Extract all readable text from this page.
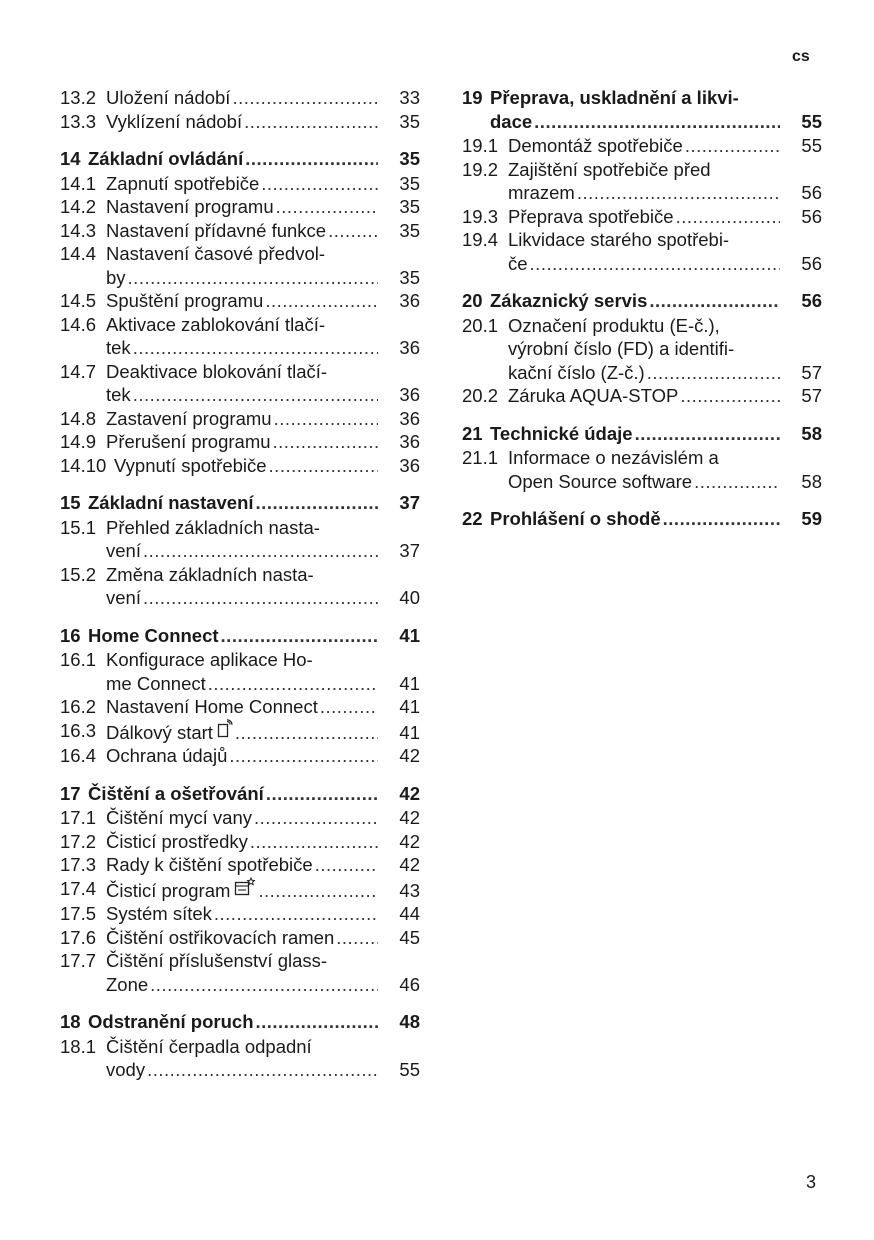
cs
13.2 Uložení nádobí .....	33
13.3 Vyklízení nádobí .....	35
14 Základní ovládání .....	35
14.1 Zapnutí spotřebiče .....	35
14.2 Nastavení programu .....	35
14.3 Nastavení přídavné funkce .....	35
14.4 Nastavení časové předvol-
by .....	35
14.5 Spuštění programu .....	36
14.6 Aktivace zablokování tlačí-
tek .....	36
14.7 Deaktivace blokování tlačí-
tek .....	36
14.8 Zastavení programu .....	36
14.9 Přerušení programu .....	36
14.10 Vypnutí spotřebiče .....	36
15 Základní nastavení .....	37
15.1 Přehled základních nasta-
vení .....	37
15.2 Změna základních nasta-
vení .....	40
16 Home Connect .....	41
16.1 Konfigurace aplikace Ho-
me Connect .....	41
16.2 Nastavení Home Connect .....	41
16.3 Dálkový start .....	41
16.4 Ochrana údajů .....	42
17 Čištění a ošetřování .....	42
17.1 Čištění mycí vany .....	42
17.2 Čisticí prostředky .....	42
17.3 Rady k čištění spotřebiče .....	42
17.4 Čisticí program .....	43
17.5 Systém sítek .....	44
17.6 Čištění ostřikovacích ramen .....	45
17.7 Čištění příslušenství glass-
Zone .....	46
18 Odstranění poruch .....	48
18.1 Čištění čerpadla odpadní
vody .....	55
19 Přeprava, uskladnění a likvi-
dace .....	55
19.1 Demontáž spotřebiče .....	55
19.2 Zajištění spotřebiče před
mrazem .....	56
19.3 Přeprava spotřebiče .....	56
19.4 Likvidace starého spotřebi-
če .....	56
20 Zákaznický servis .....	56
20.1 Označení produktu (E-č.),
výrobní číslo (FD) a identifi-
kační číslo (Z-č.) .....	57
20.2 Záruka AQUA-STOP .....	57
21 Technické údaje .....	58
21.1 Informace o nezávislém a
Open Source software .....	58
22 Prohlášení o shodě .....	59
3
